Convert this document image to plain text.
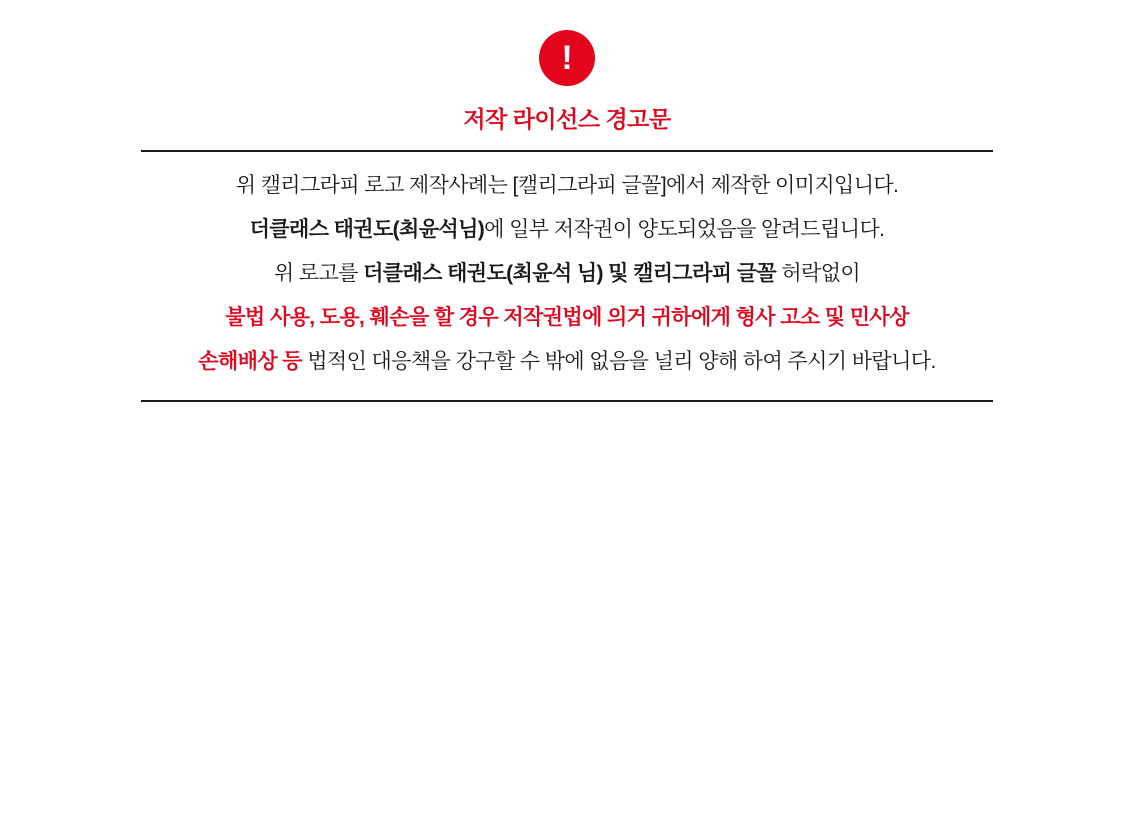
!
저작 라이선스 경고문
위 캘리그라피 로고 제작사례는 [캘리그라피 글꼴]에서 제작한 이미지입니다.
더클래스 태권도(최윤석님)에 일부 저작권이 양도되었음을 알려드립니다.
위 로고를 더클래스 태권도(최윤석 님) 및 캘리그라피 글꼴 허락없이
불법 사용, 도용, 훼손을 할 경우 저작권법에 의거 귀하에게 형사 고소 및 민사상
손해배상 등 법적인 대응책을 강구할 수 밖에 없음을 널리 양해 하여 주시기 바랍니다.
